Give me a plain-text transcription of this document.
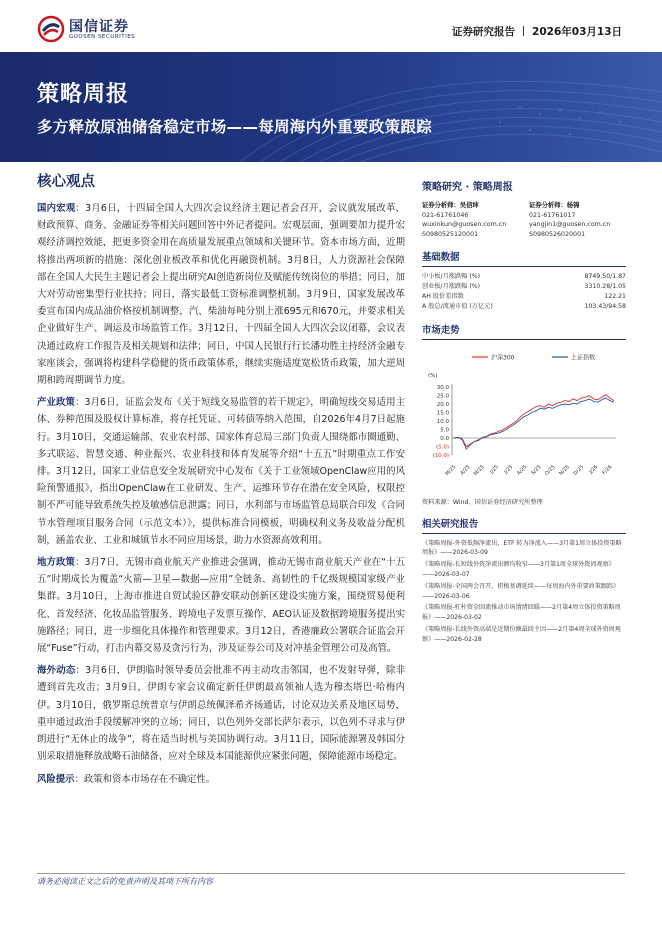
国信证券
GUOSEN SECURITIES	证券研究报告 2026年03月13日
策略周报
多方释放原油储备稳定市场——每周海内外重要政策跟踪
核心观点

国内宏观：3月6日，十四届全国人大四次会议经济主题记者会召开，会议就发展改革、财政预算、商务、金融证券等相关问题回答中外记者提问。宏观层面，强调要加力提升宏观经济调控效能，把更多资金用在高质量发展重点领域和关键环节。资本市场方面，近期将推出两项新的措施：深化创业板改革和优化再融资机制。3月8日，人力资源社会保障部在全国人大民生主题记者会上提出研究AI创造新岗位及赋能传统岗位的举措；同日，加大对劳动密集型行业扶持；同日，落实最低工资标准调整机制。3月9日，国家发展改革委宣布国内成品油价格按机制调整，汽、柴油每吨分别上涨695元和670元，并要求相关企业做好生产、调运及市场监管工作。3月12日，十四届全国人大四次会议闭幕，会议表决通过政府工作报告及相关规划和法律；同日，中国人民银行行长潘功胜主持经济金融专家座谈会，强调将构建科学稳健的货币政策体系，继续实施适度宽松货币政策，加大逆周期和跨周期调节力度。

产业政策：3月6日，证监会发布《关于短线交易监管的若干规定》，明确短线交易适用主体、券种范围及股权计算标准，将存托凭证、可转债等纳入范围，自2026年4月7日起施行。3月10日，交通运输部、农业农村部、国家体育总局三部门负责人围绕都市圈通勤、多式联运、智慧交通、种业振兴、农业科技和体育发展等介绍“十五五”时期重点工作安排。3月12日，国家工业信息安全发展研究中心发布《关于工业领域OpenClaw应用的风险预警通报》，指出OpenClaw在工业研发、生产、运维环节存在潜在安全风险，权限控制不严可能导致系统失控及敏感信息泄露；同日，水利部与市场监管总局联合印发《合同节水管理项目服务合同（示范文本）》，提供标准合同模板，明确权利义务及收益分配机制，涵盖农业、工业和城镇节水不同应用场景，助力水资源高效利用。

地方政策：3月7日，无锡市商业航天产业推进会强调，推动无锡市商业航天产业在“十五五”时期成长为覆盖“火箭—卫星—数据—应用”全链条、高韧性的千亿级规模国家级产业集群。3月10日，上海市推进自贸试验区静安联动创新区建设实施方案，围绕贸易便利化、首发经济、化妆品监管服务、跨境电子发票互操作、AEO认证及数据跨境服务提出实施路径；同日，进一步细化具体操作和管理要求。3月12日，香港廉政公署联合证监会开展“Fuse”行动，打击内幕交易及贪污行为，涉及证券公司及对冲基金管理公司及高管。

海外动态：3月6日，伊朗临时领导委员会批准不再主动攻击邻国，也不发射导弹，除非遭到首先攻击；3月9日，伊朗专家会议确定新任伊朗最高领袖人选为穆杰塔巴·哈梅内伊。3月10日，俄罗斯总统普京与伊朗总统佩泽希齐扬通话，讨论双边关系及地区局势，重申通过政治手段缓解冲突的立场；同日，以色列外交部长萨尔表示，以色列不寻求与伊朗进行“无休止的战争”，将在适当时机与美国协调行动。3月11日，国际能源署及韩国分别采取措施释放战略石油储备，应对全球及本国能源供应紧张问题，保障能源市场稳定。

风险提示：政策和资本市场存在不确定性。

策略研究 · 策略周报
证券分析师：吴信坤
021-61761046
wuxinkun@guosen.com.cn
S0980525120001
证券分析师：杨锦
021-61761017
yangjin1@guosen.com.cn
S0980526020001
基础数据
中小板/月涨跌幅 (%)	8749.50/1.87
创业板/月涨跌幅 (%)	3310.28/1.05
AH 股价差指数	122.21
A 股总/流通市值 (万亿元)	103.43/94.58
市场走势
沪深300	上证指数
(%)
30.0
25.0
20.0
15.0
10.0
5.0
0.0
(5.0)
(10.0)
M/25 A/25 M/25 J/25 J/25 A/25 S/25 O/25 N/25 D/25 J/26 F/26
资料来源：Wind、国信证券经济研究所整理
相关研究报告
《策略周报-外资低频净流出，ETF 转为净流入——3月第1周立体投资策略周报》——2026-03-09
《策略周报-长短线外资净流出额均收窄——3月第1周全球外资周观察》——2026-03-07
《策略周报-全国两会召开，积极基调延续——每周海内外重要政策跟踪》——2026-03-06
《策略周报-杠杆资金回流推动市场情绪回暖——2月第4周立体投资策略周报》——2026-03-02
《策略周报-长线外资高端是近期份额最回主因——2月第4周全球外资周观察》——2026-02-28
请务必阅读正文之后的免责声明及其项下所有内容
